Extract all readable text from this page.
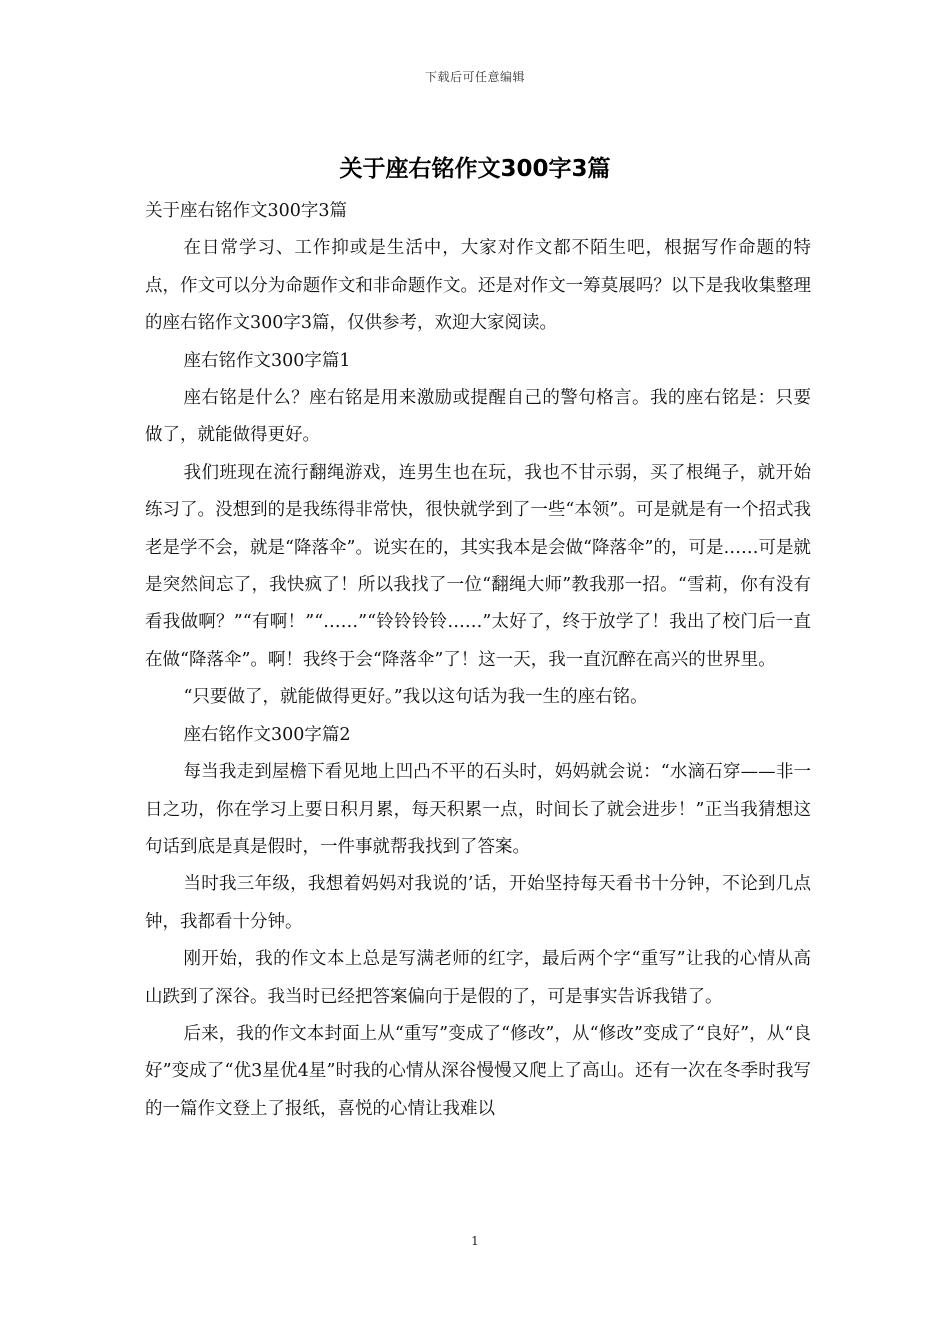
下载后可任意编辑
关于座右铭作文300字3篇

关于座右铭作文300字3篇

在日常学习、工作抑或是生活中，大家对作文都不陌生吧，根据写作命题的特点，作文可以分为命题作文和非命题作文。还是对作文一筹莫展吗？以下是我收集整理的座右铭作文300字3篇，仅供参考，欢迎大家阅读。

座右铭作文300字篇1

座右铭是什么？座右铭是用来激励或提醒自己的警句格言。我的座右铭是：只要做了，就能做得更好。

我们班现在流行翻绳游戏，连男生也在玩，我也不甘示弱，买了根绳子，就开始练习了。没想到的是我练得非常快，很快就学到了一些“本领”。可是就是有一个招式我老是学不会，就是“降落伞”。说实在的，其实我本是会做“降落伞”的，可是……可是就是突然间忘了，我快疯了！所以我找了一位“翻绳大师”教我那一招。“雪莉，你有没有看我做啊？”“有啊！”“……”“铃铃铃铃……”太好了，终于放学了！我出了校门后一直在做“降落伞”。啊！我终于会“降落伞”了！这一天，我一直沉醉在高兴的世界里。

“只要做了，就能做得更好。”我以这句话为我一生的座右铭。

座右铭作文300字篇2

每当我走到屋檐下看见地上凹凸不平的石头时，妈妈就会说：“水滴石穿——非一日之功，你在学习上要日积月累，每天积累一点，时间长了就会进步！”正当我猜想这句话到底是真是假时，一件事就帮我找到了答案。

当时我三年级，我想着妈妈对我说的’话，开始坚持每天看书十分钟，不论到几点钟，我都看十分钟。

刚开始，我的作文本上总是写满老师的红字，最后两个字“重写”让我的心情从高山跌到了深谷。我当时已经把答案偏向于是假的了，可是事实告诉我错了。

后来，我的作文本封面上从“重写”变成了“修改”，从“修改”变成了“良好”，从“良好”变成了“优3星优4星”时我的心情从深谷慢慢又爬上了高山。还有一次在冬季时我写的一篇作文登上了报纸，喜悦的心情让我难以

1
